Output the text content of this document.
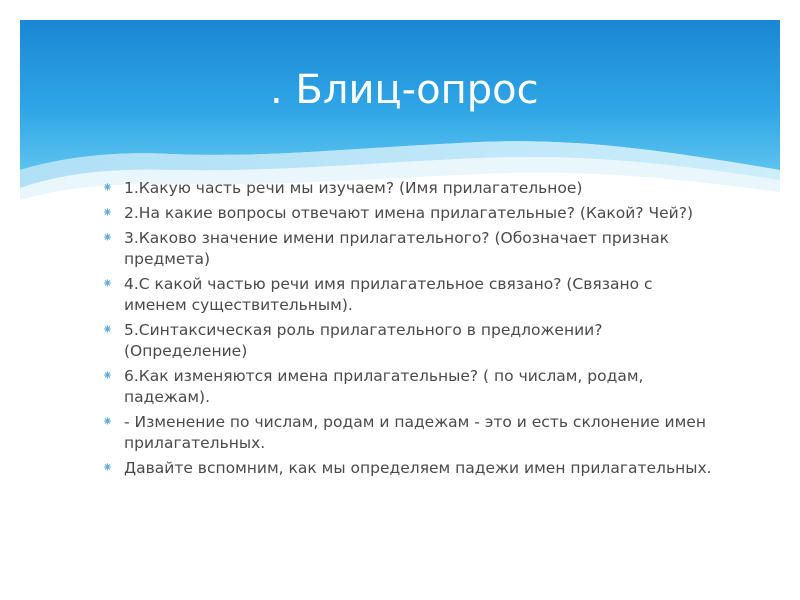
. Блиц-опрос
⁕ 1.Какую часть речи мы изучаем? (Имя прилагательное)
⁕ 2.На какие вопросы отвечают имена прилагательные? (Какой? Чей?)
⁕ 3.Каково значение имени прилагательного? (Обозначает признак предмета)
⁕ 4.С какой частью речи имя прилагательное связано? (Связано с именем существительным).
⁕ 5.Синтаксическая роль прилагательного в предложении? (Определение)
⁕ 6.Как изменяются имена прилагательные? ( по числам, родам, падежам).
⁕ - Изменение по числам, родам и падежам - это и есть склонение имен прилагательных.
⁕ Давайте вспомним, как мы определяем падежи имен прилагательных.
